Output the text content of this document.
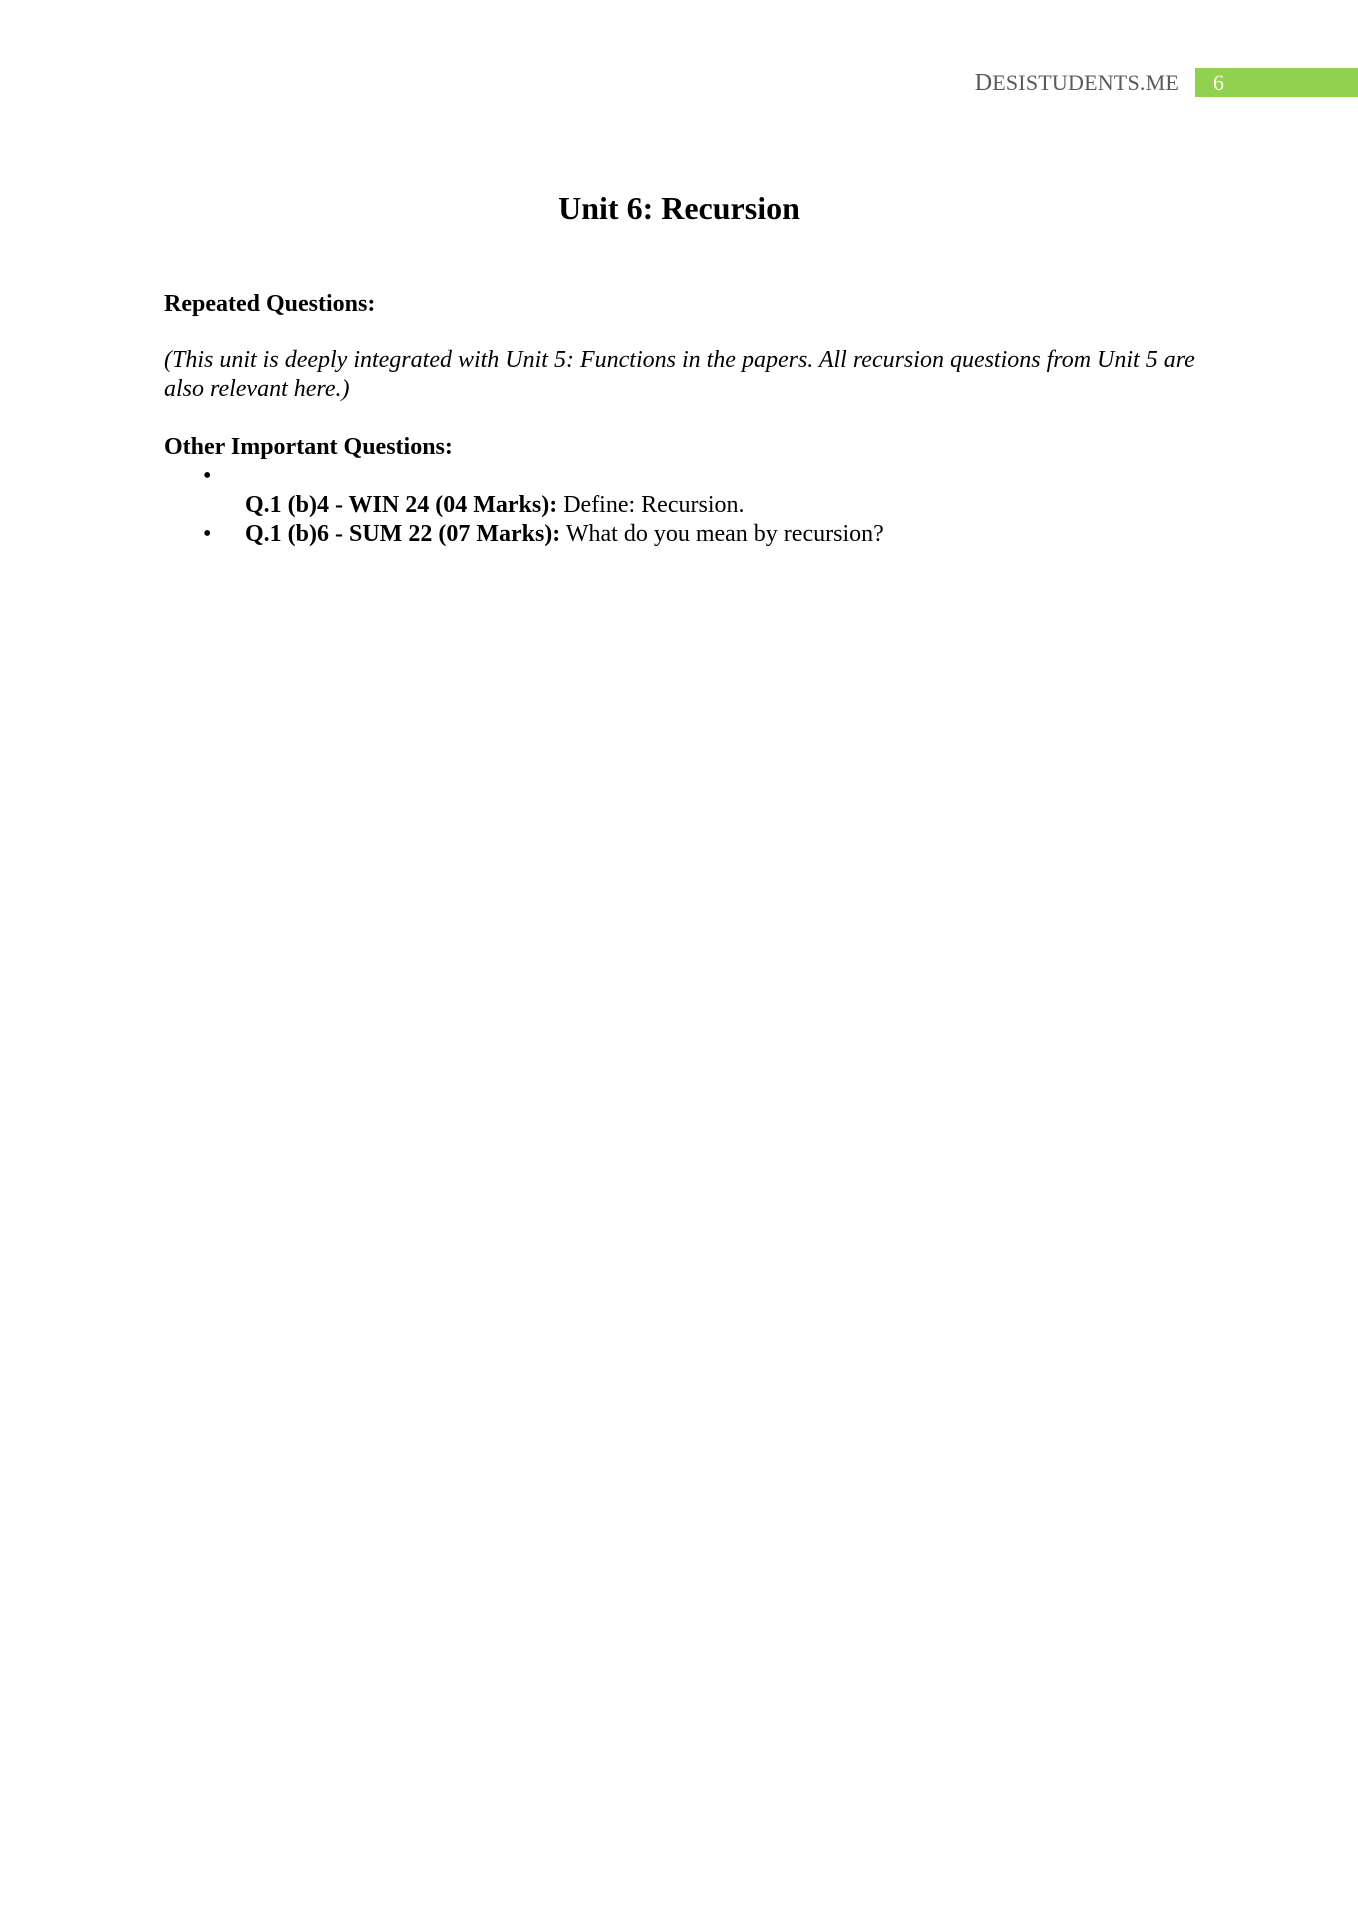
DESISTUDENTS.ME 6
Unit 6: Recursion

Repeated Questions:

(This unit is deeply integrated with Unit 5: Functions in the papers. All recursion questions from Unit 5 are also relevant here.)

Other Important Questions:

•
Q.1 (b)4 - WIN 24 (04 Marks): Define: Recursion.
• Q.1 (b)6 - SUM 22 (07 Marks): What do you mean by recursion?
